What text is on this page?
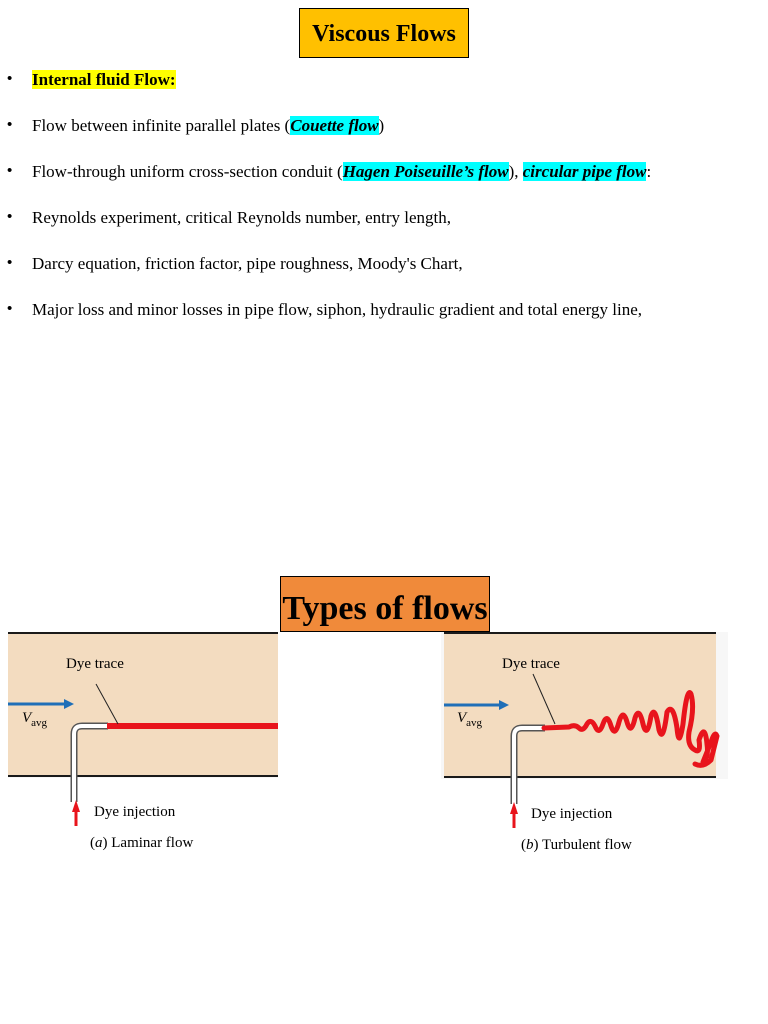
Viscous Flows
• Internal fluid Flow:
• Flow between infinite parallel plates (Couette flow)
• Flow-through uniform cross-section conduit (Hagen Poiseuille’s flow), circular pipe flow:
• Reynolds experiment, critical Reynolds number, entry length,
• Darcy equation, friction factor, pipe roughness, Moody's Chart,
• Major loss and minor losses in pipe flow, siphon, hydraulic gradient and total energy line,
Types of flows
Dye trace
$V_{avg}$
Dye injection
(a) Laminar flow
Dye trace
$V_{avg}$
Dye injection
(b) Turbulent flow
